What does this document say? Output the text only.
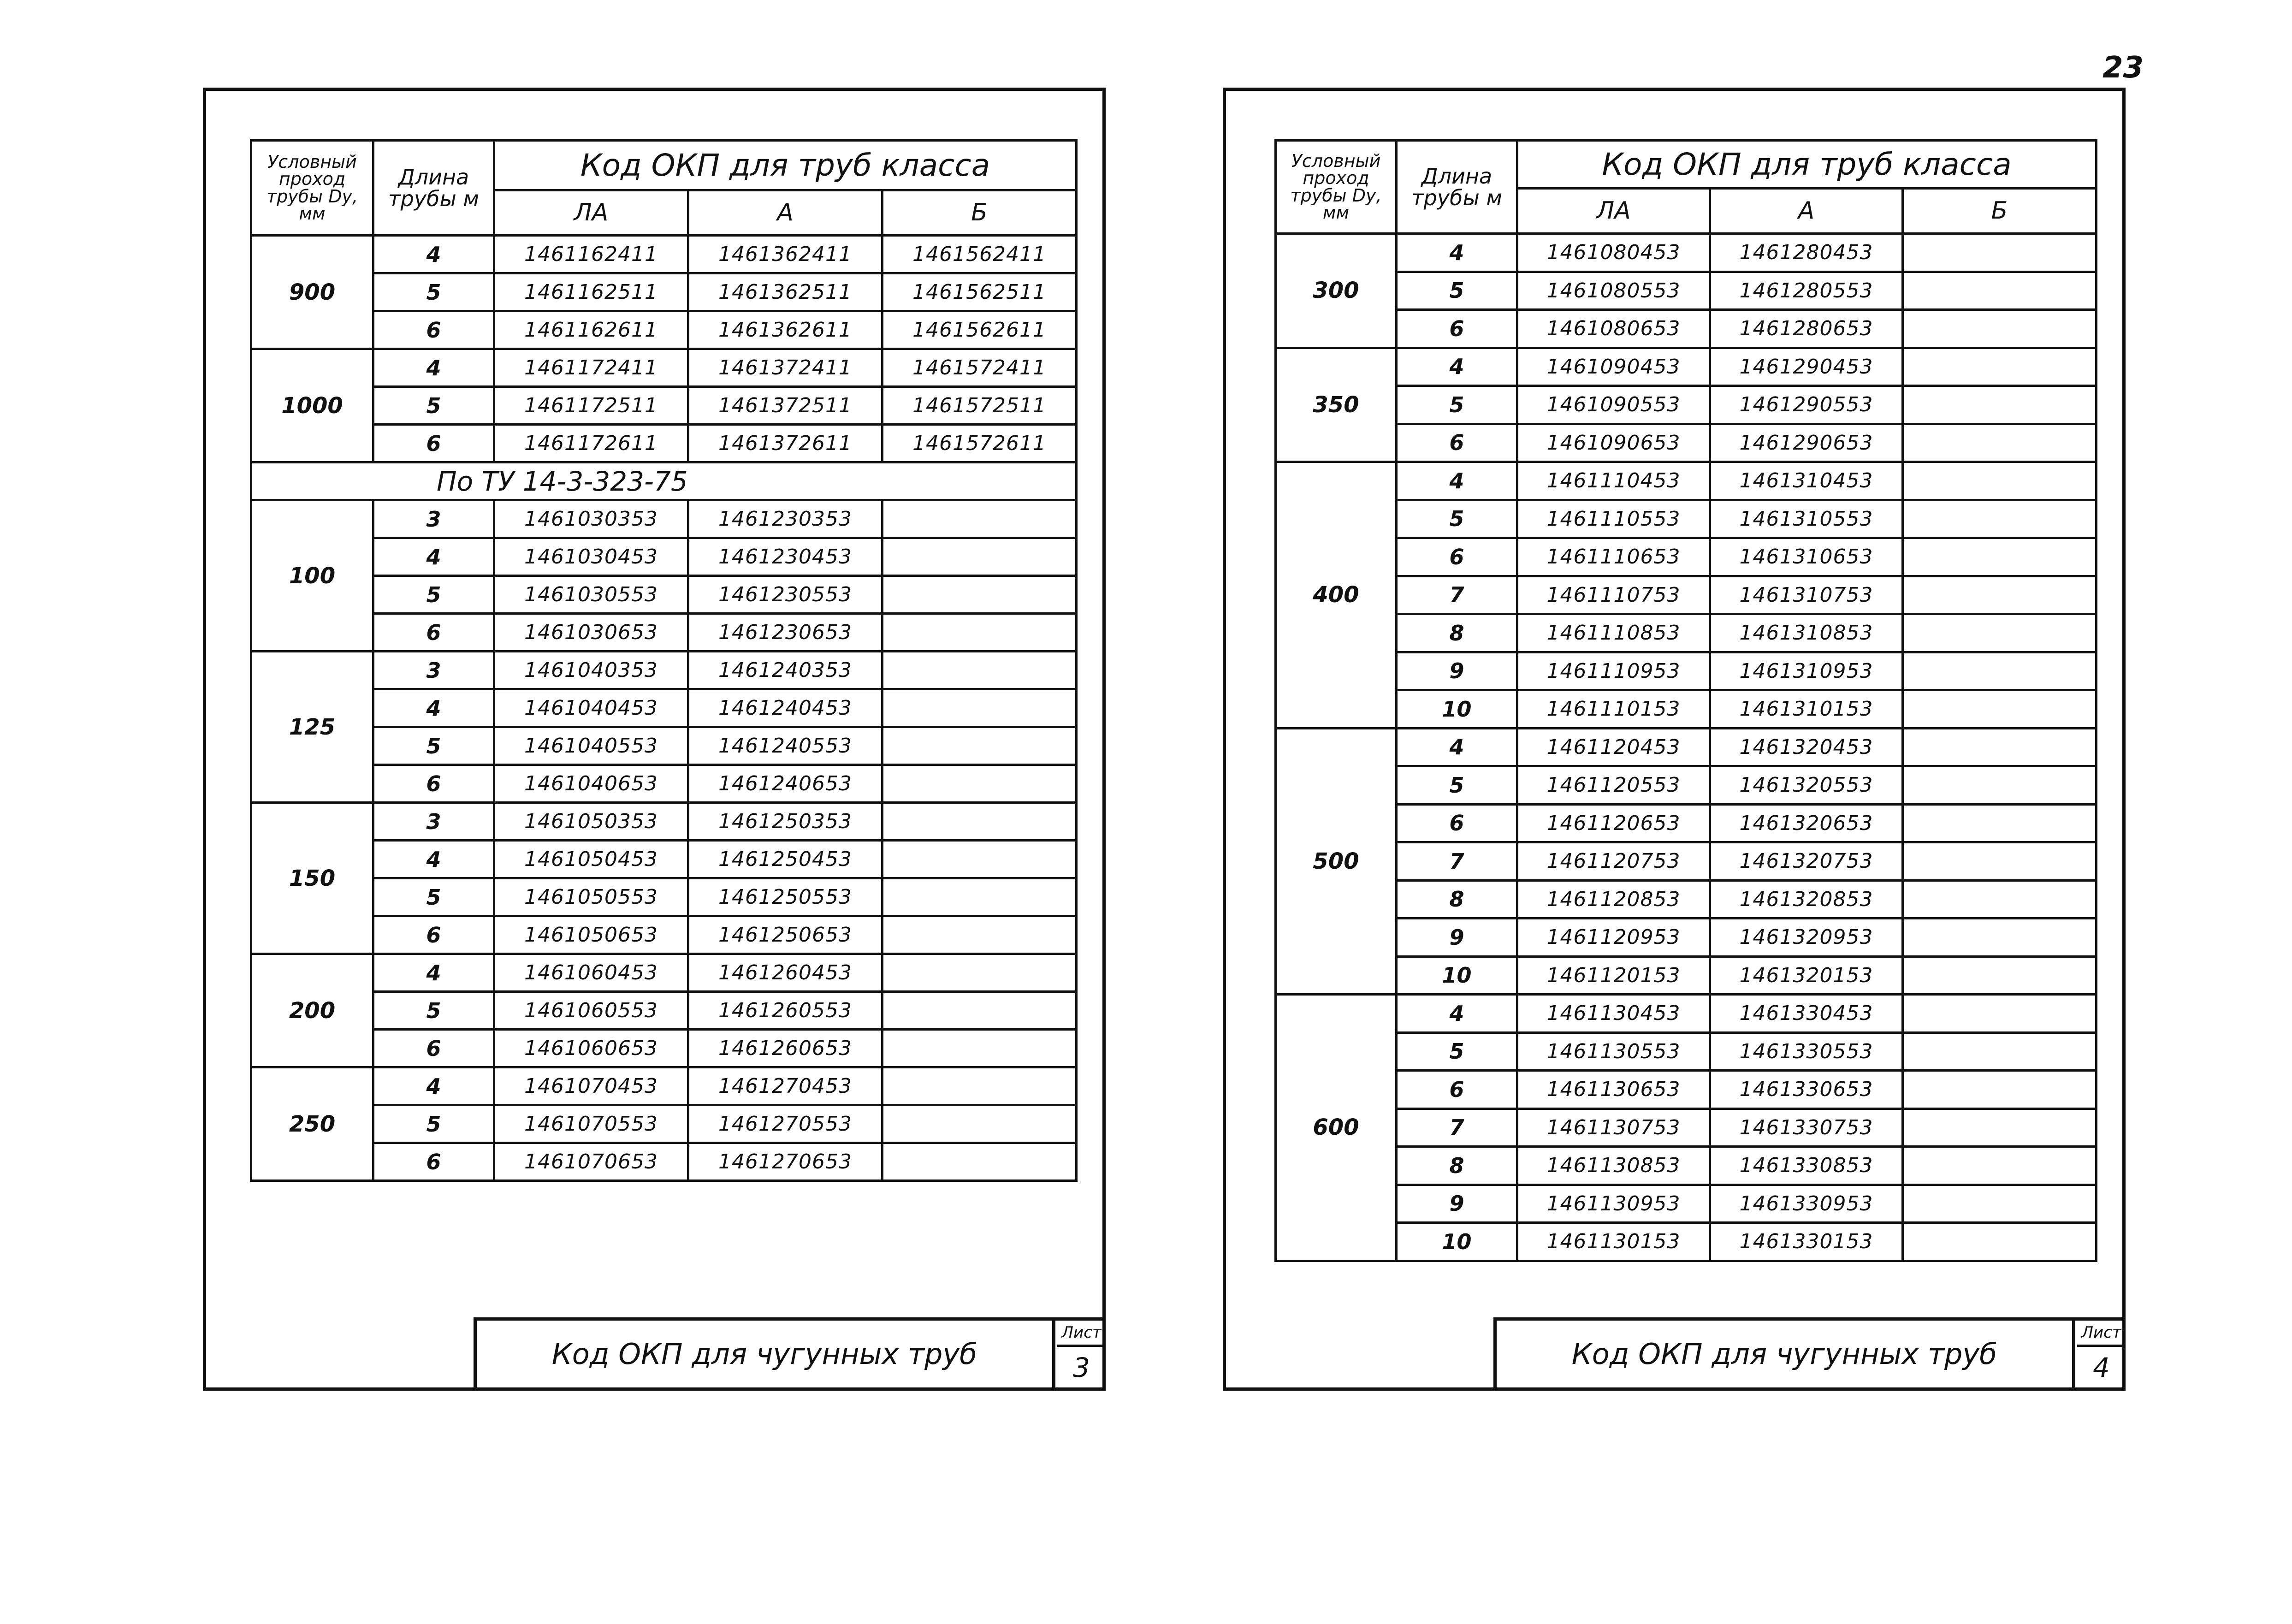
23
Условный проход трубы Dу, мм	Длина трубы м	Код ОКП для труб класса		
		ЛА	А	Б
900	4	1461162411	1461362411	1461562411
	5	1461162511	1461362511	1461562511
	6	1461162611	1461362611	1461562611
1000	4	1461172411	1461372411	1461572411
	5	1461172511	1461372511	1461572511
	6	1461172611	1461372611	1461572611
По ТУ 14-3-323-75				
100	3	1461030353	1461230353	
	4	1461030453	1461230453	
	5	1461030553	1461230553	
	6	1461030653	1461230653	
125	3	1461040353	1461240353	
	4	1461040453	1461240453	
	5	1461040553	1461240553	
	6	1461040653	1461240653	
150	3	1461050353	1461250353	
	4	1461050453	1461250453	
	5	1461050553	1461250553	
	6	1461050653	1461250653	
200	4	1461060453	1461260453	
	5	1461060553	1461260553	
	6	1461060653	1461260653	
250	4	1461070453	1461270453	
	5	1461070553	1461270553	
	6	1461070653	1461270653	
Код ОКП для чугунных труб
Лист
3
Условный проход трубы Dу, мм	Длина трубы м	Код ОКП для труб класса		
		ЛА	А	Б
300	4	1461080453	1461280453	
	5	1461080553	1461280553	
	6	1461080653	1461280653	
350	4	1461090453	1461290453	
	5	1461090553	1461290553	
	6	1461090653	1461290653	
400	4	1461110453	1461310453	
	5	1461110553	1461310553	
	6	1461110653	1461310653	
	7	1461110753	1461310753	
	8	1461110853	1461310853	
	9	1461110953	1461310953	
	10	1461110153	1461310153	
500	4	1461120453	1461320453	
	5	1461120553	1461320553	
	6	1461120653	1461320653	
	7	1461120753	1461320753	
	8	1461120853	1461320853	
	9	1461120953	1461320953	
	10	1461120153	1461320153	
600	4	1461130453	1461330453	
	5	1461130553	1461330553	
	6	1461130653	1461330653	
	7	1461130753	1461330753	
	8	1461130853	1461330853	
	9	1461130953	1461330953	
	10	1461130153	1461330153	
Код ОКП для чугунных труб
Лист
4
